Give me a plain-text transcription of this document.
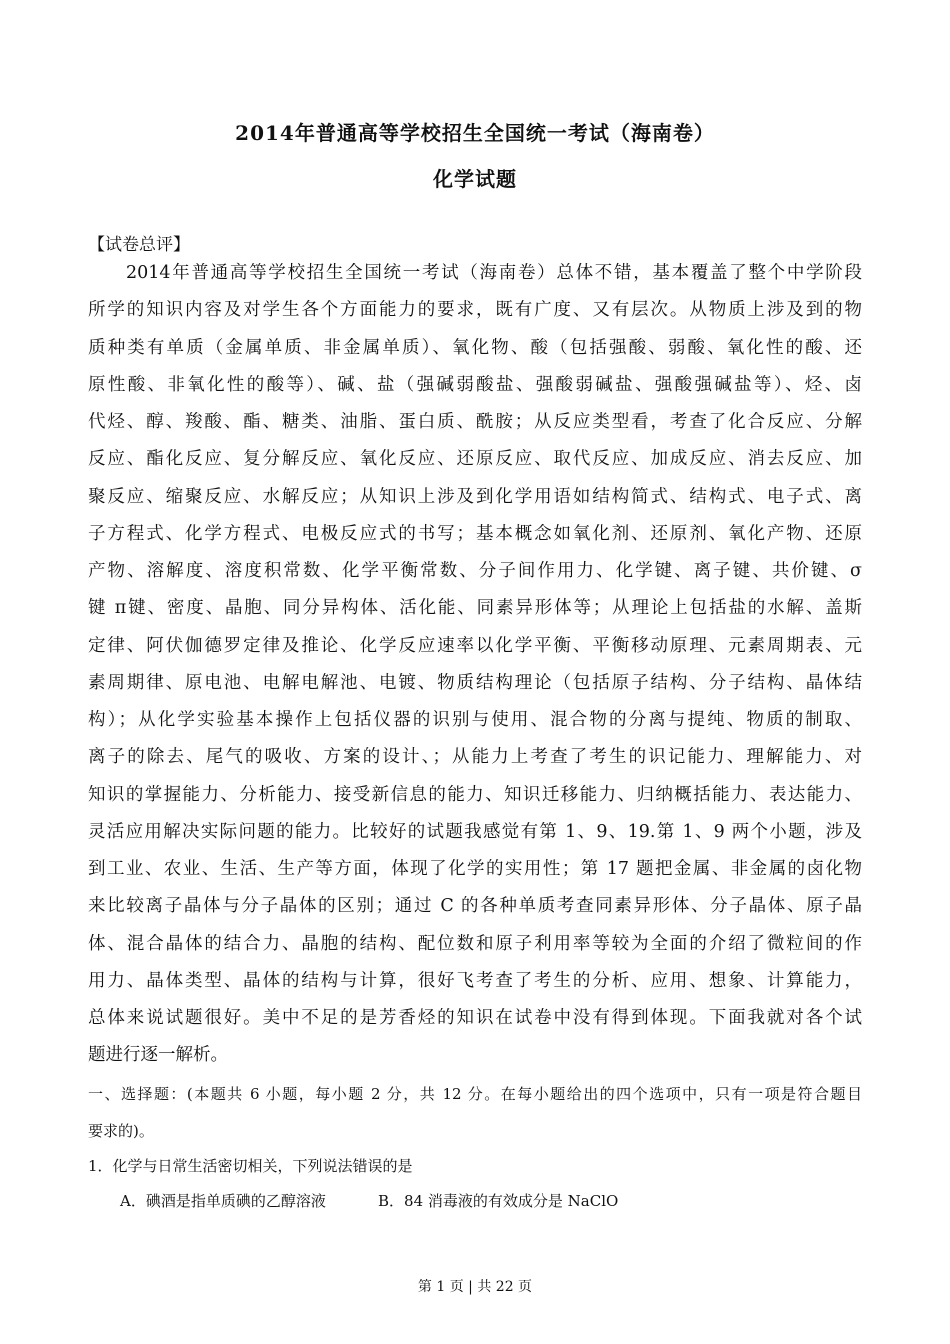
2014年普通高等学校招生全国统一考试（海南卷）
化学试题
【试卷总评】
2014年普通高等学校招生全国统一考试（海南卷）总体不错，基本覆盖了整个中学阶段
所学的知识内容及对学生各个方面能力的要求，既有广度、又有层次。从物质上涉及到的物
质种类有单质（金属单质、非金属单质）、氧化物、酸（包括强酸、弱酸、氧化性的酸、还
原性酸、非氧化性的酸等）、碱、盐（强碱弱酸盐、强酸弱碱盐、强酸强碱盐等）、烃、卤
代烃、醇、羧酸、酯、糖类、油脂、蛋白质、酰胺；从反应类型看，考查了化合反应、分解
反应、酯化反应、复分解反应、氧化反应、还原反应、取代反应、加成反应、消去反应、加
聚反应、缩聚反应、水解反应；从知识上涉及到化学用语如结构简式、结构式、电子式、离
子方程式、化学方程式、电极反应式的书写；基本概念如氧化剂、还原剂、氧化产物、还原
产物、溶解度、溶度积常数、化学平衡常数、分子间作用力、化学键、离子键、共价键、σ
键 π键、密度、晶胞、同分异构体、活化能、同素异形体等；从理论上包括盐的水解、盖斯
定律、阿伏伽德罗定律及推论、化学反应速率以化学平衡、平衡移动原理、元素周期表、元
素周期律、原电池、电解电解池、电镀、物质结构理论（包括原子结构、分子结构、晶体结
构）；从化学实验基本操作上包括仪器的识别与使用、混合物的分离与提纯、物质的制取、
离子的除去、尾气的吸收、方案的设计、；从能力上考查了考生的识记能力、理解能力、对
知识的掌握能力、分析能力、接受新信息的能力、知识迁移能力、归纳概括能力、表达能力、
灵活应用解决实际问题的能力。比较好的试题我感觉有第 1、9、19.第 1、9 两个小题，涉及
到工业、农业、生活、生产等方面，体现了化学的实用性；第 17 题把金属、非金属的卤化物
来比较离子晶体与分子晶体的区别；通过 C 的各种单质考查同素异形体、分子晶体、原子晶
体、混合晶体的结合力、晶胞的结构、配位数和原子利用率等较为全面的介绍了微粒间的作
用力、晶体类型、晶体的结构与计算，很好飞考查了考生的分析、应用、想象、计算能力，
总体来说试题很好。美中不足的是芳香烃的知识在试卷中没有得到体现。下面我就对各个试
题进行逐一解析。
一、选择题：(本题共 6 小题，每小题 2 分，共 12 分。在每小题给出的四个选项中，只有一项是符合题目
要求的)。
1．化学与日常生活密切相关，下列说法错误的是
A．碘酒是指单质碘的乙醇溶液	B．84 消毒液的有效成分是 NaClO
第 1 页 | 共 22 页
